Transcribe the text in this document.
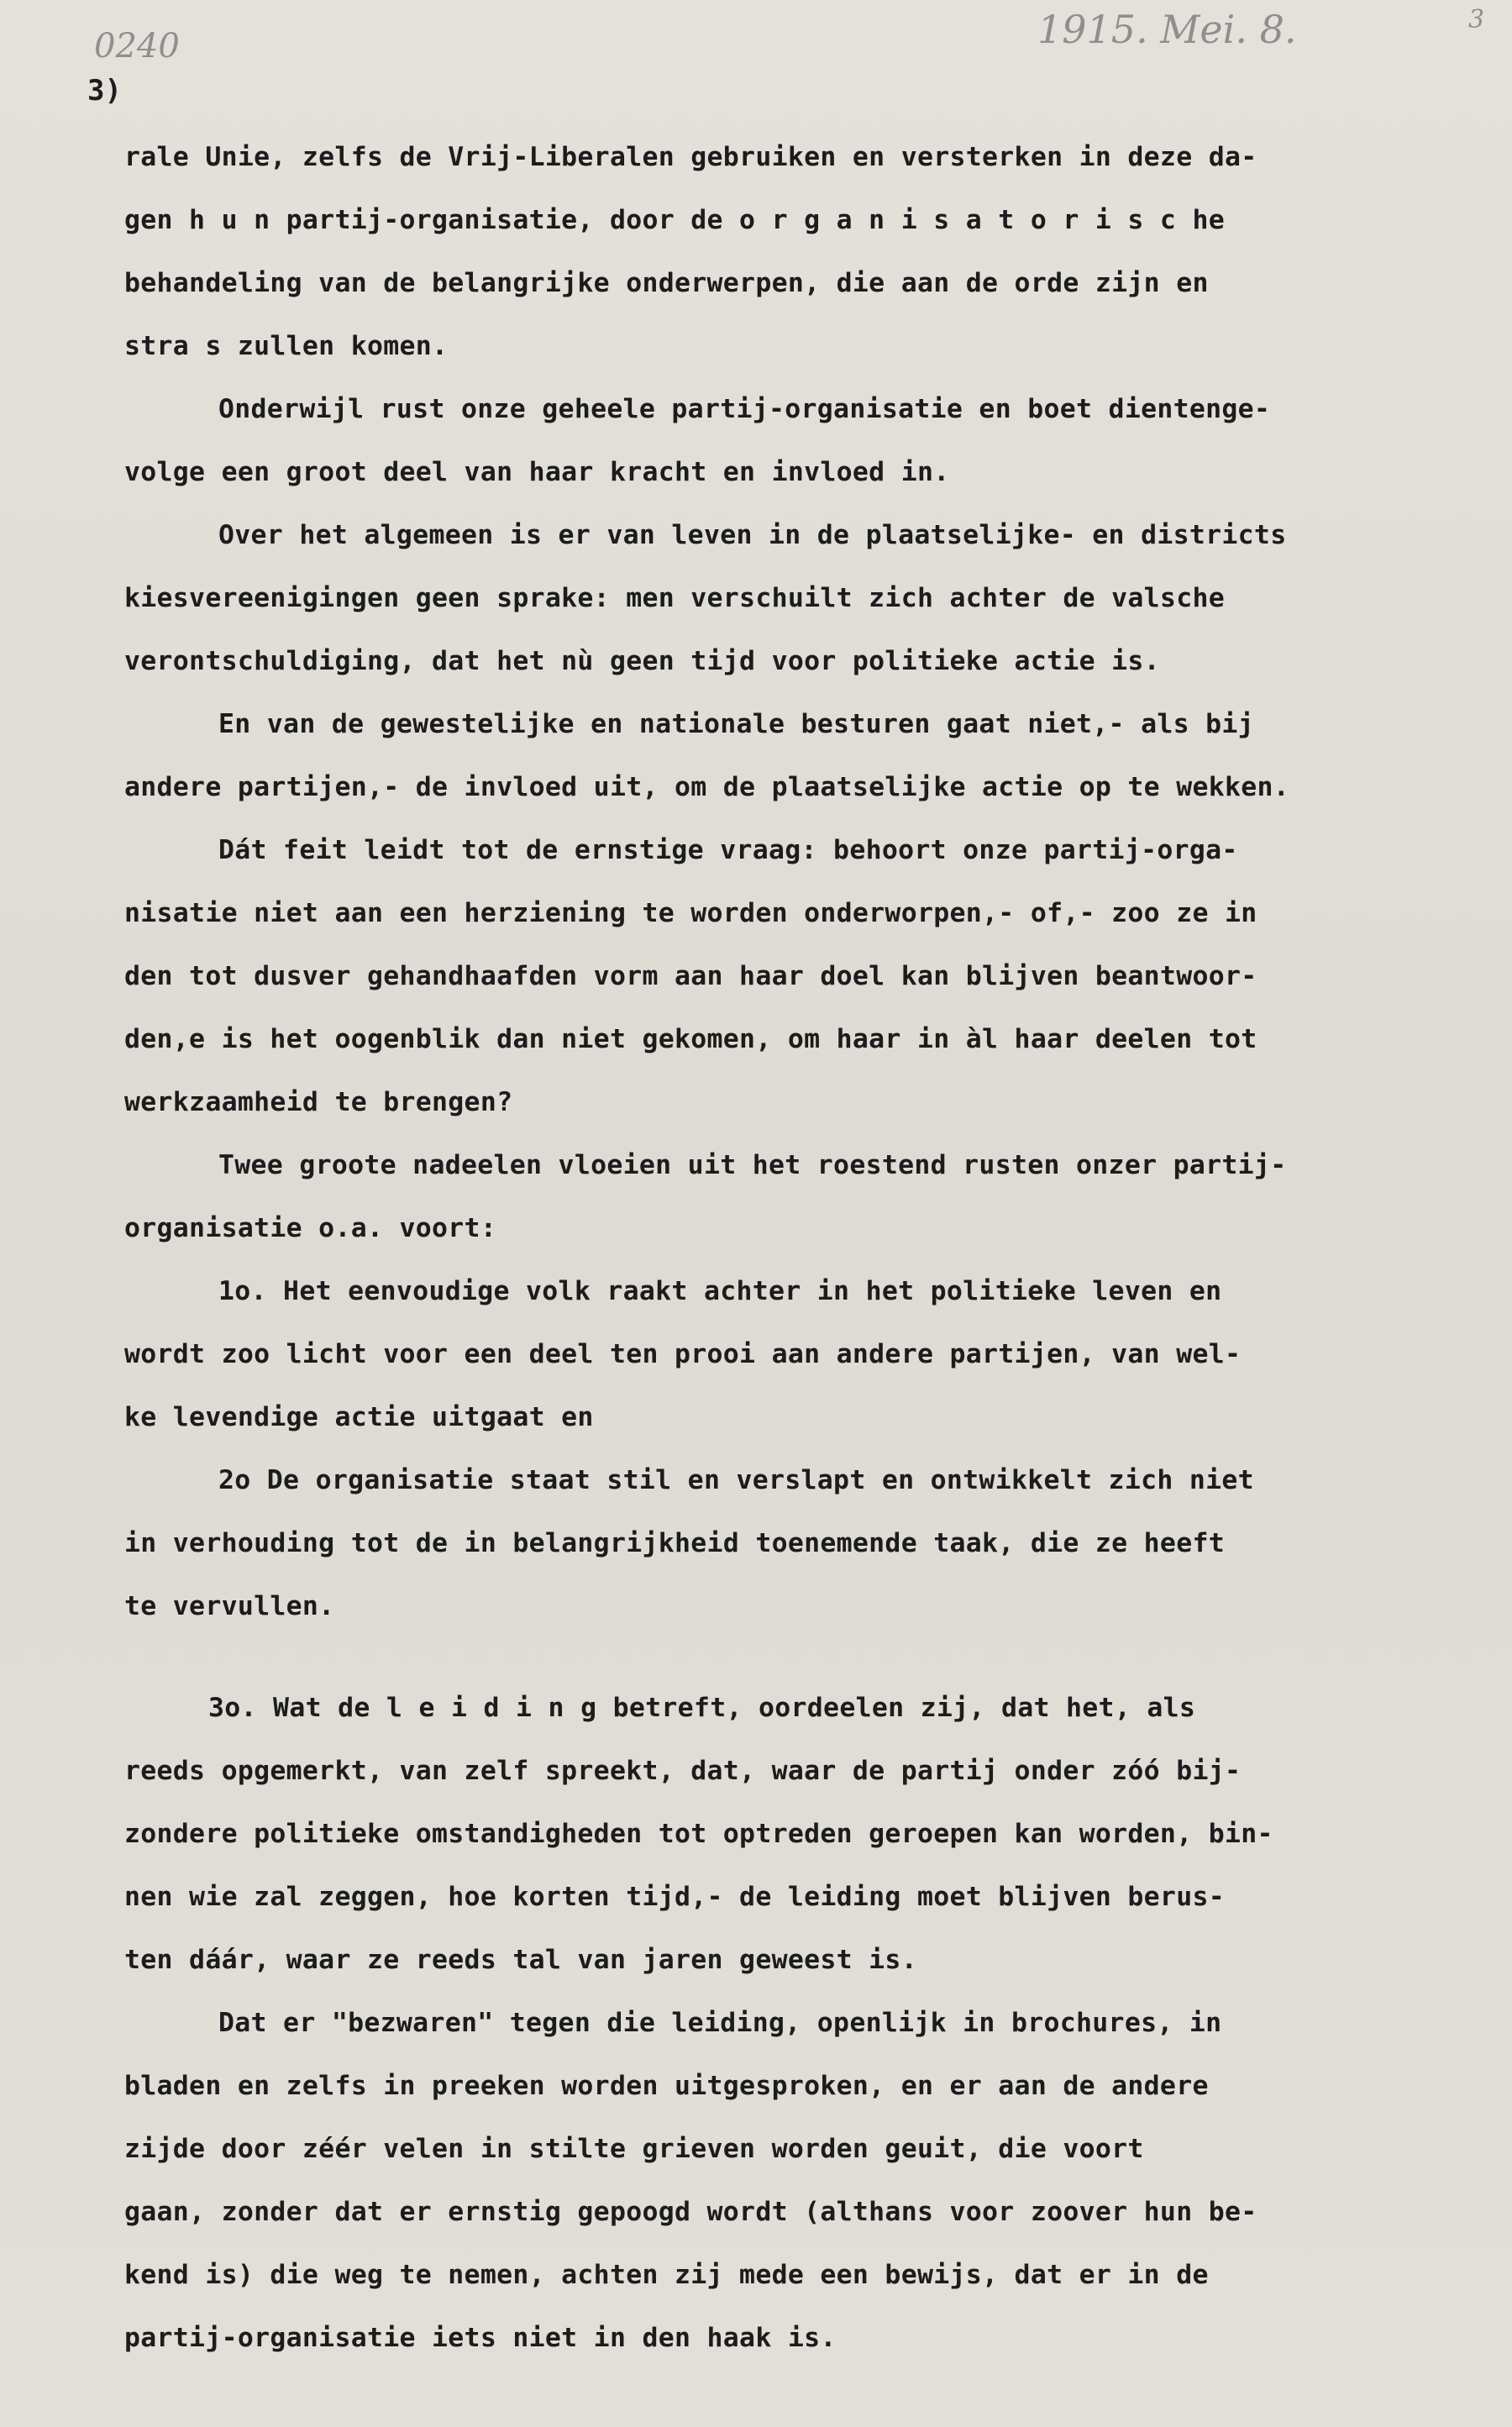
0240	1915. Mei. 8.	3
3)
rale Unie, zelfs de Vrij-Liberalen gebruiken en versterken in deze da-
gen h u n partij-organisatie, door de o r g a n i s a t o r i s c he
behandeling van de belangrijke onderwerpen, die aan de orde zijn en
stra s zullen komen.
Onderwijl rust onze geheele partij-organisatie en boet dientenge-
volge een groot deel van haar kracht en invloed in.
Over het algemeen is er van leven in de plaatselijke- en districts
kiesvereenigingen geen sprake: men verschuilt zich achter de valsche
verontschuldiging, dat het nù geen tijd voor politieke actie is.
En van de gewestelijke en nationale besturen gaat niet,- als bij
andere partijen,- de invloed uit, om de plaatselijke actie op te wekken.
Dát feit leidt tot de ernstige vraag: behoort onze partij-orga-
nisatie niet aan een herziening te worden onderworpen,- of,- zoo ze in
den tot dusver gehandhaafden vorm aan haar doel kan blijven beantwoor-
den,e is het oogenblik dan niet gekomen, om haar in àl haar deelen tot
werkzaamheid te brengen?
Twee groote nadeelen vloeien uit het roestend rusten onzer partij-
organisatie o.a. voort:
1o. Het eenvoudige volk raakt achter in het politieke leven en
wordt zoo licht voor een deel ten prooi aan andere partijen, van wel-
ke levendige actie uitgaat en
2o De organisatie staat stil en verslapt en ontwikkelt zich niet
in verhouding tot de in belangrijkheid toenemende taak, die ze heeft
te vervullen.
3o. Wat de l e i d i n g betreft, oordeelen zij, dat het, als
reeds opgemerkt, van zelf spreekt, dat, waar de partij onder zóó bij-
zondere politieke omstandigheden tot optreden geroepen kan worden, bin-
nen wie zal zeggen, hoe korten tijd,- de leiding moet blijven berus-
ten dáár, waar ze reeds tal van jaren geweest is.
Dat er "bezwaren" tegen die leiding, openlijk in brochures, in
bladen en zelfs in preeken worden uitgesproken, en er aan de andere
zijde door zéér velen in stilte grieven worden geuit, die voort
gaan, zonder dat er ernstig gepoogd wordt (althans voor zoover hun be-
kend is) die weg te nemen, achten zij mede een bewijs, dat er in de
partij-organisatie iets niet in den haak is.
